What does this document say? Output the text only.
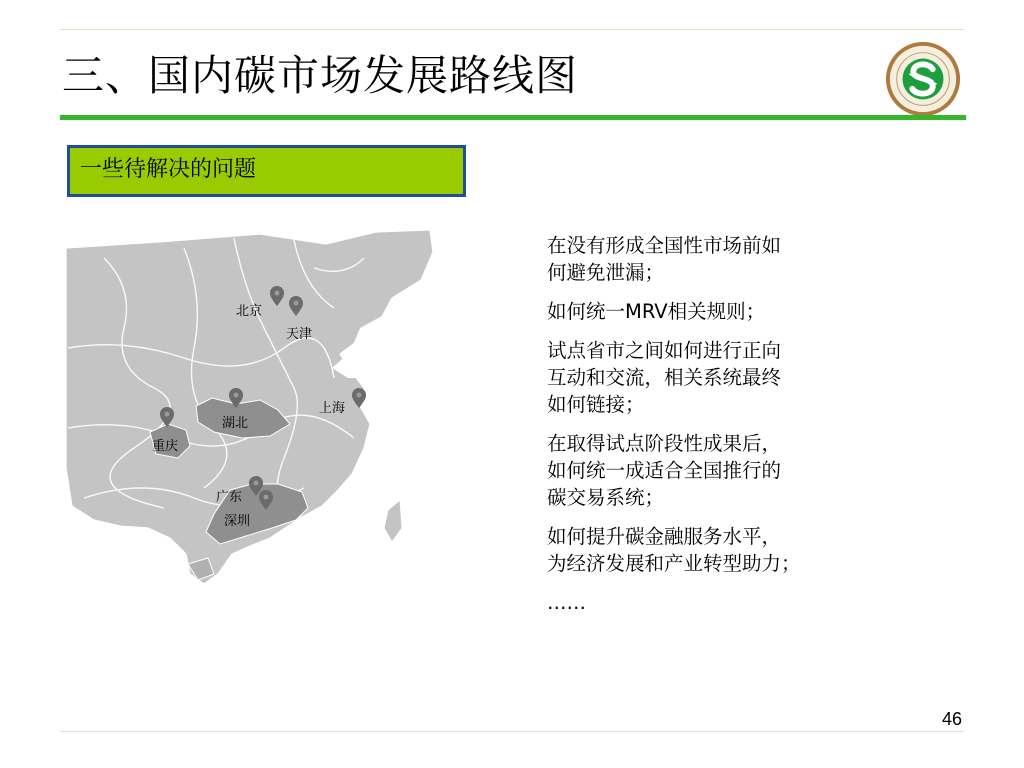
三、国内碳市场发展路线图
一些待解决的问题
北京
天津
上海
湖北
重庆
广东
深圳
在没有形成全国性市场前如
何避免泄漏；
如何统一MRV相关规则；
试点省市之间如何进行正向
互动和交流，相关系统最终
如何链接；
在取得试点阶段性成果后，
如何统一成适合全国推行的
碳交易系统；
如何提升碳金融服务水平，
为经济发展和产业转型助力；
……
46
